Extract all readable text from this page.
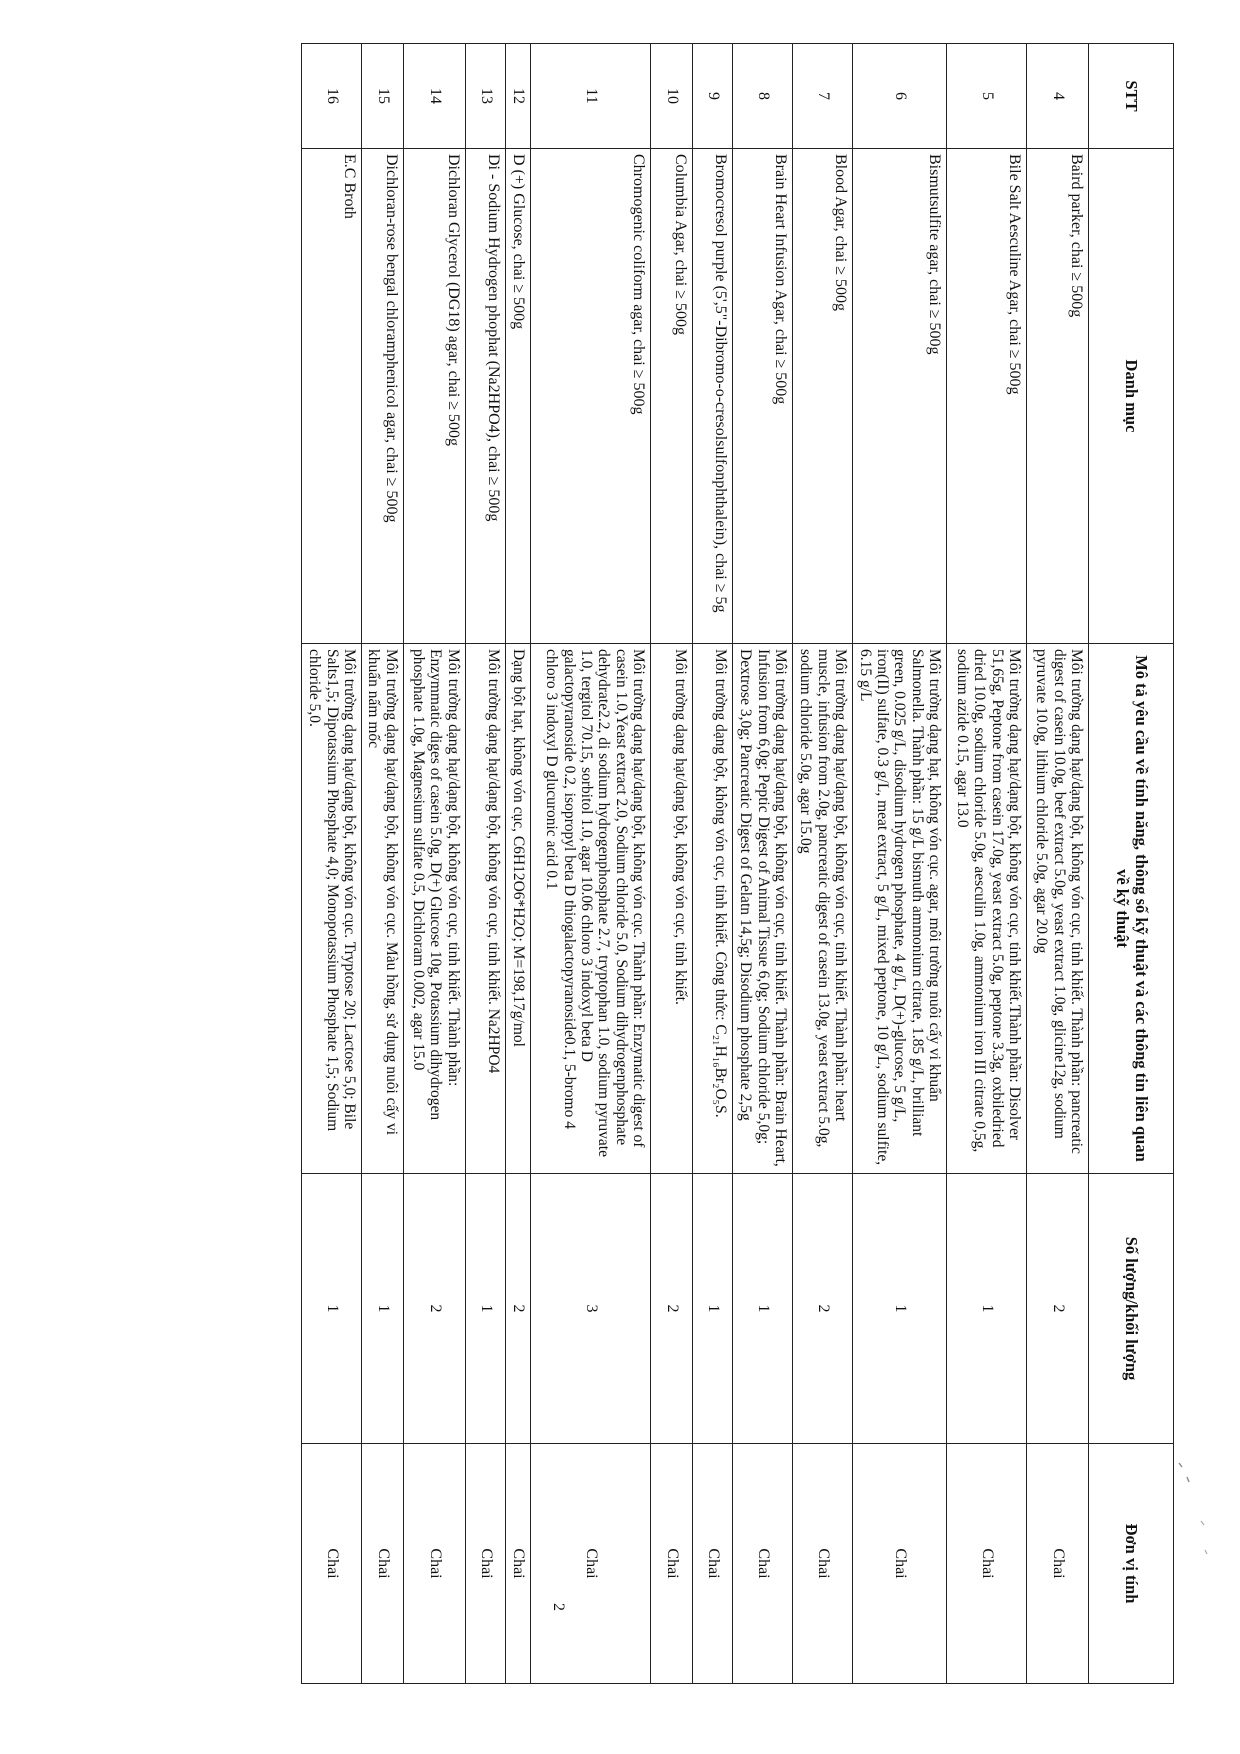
STT	Danh mục	Mô tả yêu cầu về tính năng, thông số kỹ thuật và các thông tin liên quan về kỹ thuật	Số lượng/khối lượng	Đơn vị tính
4	Baird parker, chai ≥ 500g	Môi trường dạng hạt/dạng bột, không vón cục, tinh khiết. Thành phần: pancreatic digest of casein 10.0g, beef extract 5.0g, yeast extract 1.0g, glicine12g, sodium pyruvate 10.0g, lithium chloride 5.0g, agar 20.0g	2	Chai
5	Bile Salt Aesculine Agar, chai ≥ 500g	Môi trường dạng hạt/dạng bột, không vón cục, tinh khiết.Thành phần: Disolver 51,65g, Peptone from casein 17.0g, yeast extract 5.0g, peptone 3.3g, oxbiledried dried 10.0g, sodium chloride 5.0g, aesculin 1.0g, ammonium iron III citrate 0,5g, sodium azide 0.15, agar 13.0	1	Chai
6	Bismutsulfite agar, chai ≥ 500g	Môi trường dạng hạt, không vón cục. agar, môi trường nuôi cấy vi khuẩn Salmonella. Thành phần: 15 g/L bismuth ammonium citrate, 1.85 g/L, brilliant green, 0.025 g/L, disodium hydrogen phosphate, 4 g/L, D(+)-glucose, 5 g/L, iron(II) sulfate, 0.3 g/L, meat extract, 5 g/L, mixed peptone, 10 g/L, sodium sulfite, 6.15 g/L	1	Chai
7	Blood Agar, chai ≥ 500g	Môi trường dạng hạt/dạng bột, không vón cục, tinh khiết. Thành phần: heart muscle, infusion from 2.0g, pancreatic digest of casein 13.0g, yeast extract 5.0g, sodium chloride 5.0g, agar 15.0g	2	Chai
8	Brain Heart Infusion Agar, chai ≥ 500g	Môi trường dạng hạt/dạng bột, không vón cục, tinh khiết. Thành phần: Brain Heart, Infusion from 6,0g; Peptic Digest of Animal Tissue 6,0g; Sodium chloride 5,0g; Dextrose 3,0g; Pancreatic Digest of Gelatn 14,5g; Disodium phosphate 2,5g	1	Chai
9	Bromocresol purple (5',5"-Dibromo-o-cresolsulfonphthalein), chai ≥ 5g	Môi trường dạng bột, không vón cục, tinh khiết. Công thức: C₂₁H₁₆Br₂O₅S.	1	Chai
10	Columbia Agar, chai ≥ 500g	Môi trường dạng hạt/dạng bột, không vón cục, tinh khiết.	2	Chai
11	Chromogenic coliform agar, chai ≥ 500g	Môi trường dạng hạt/dạng bột, không vón cục. Thành phần: Enzymatic digest of casein 1.0,Yeast extract 2.0, Sodium chloride 5.0, Sodium dihydrogenphosphate dehydrate2.2, di sodium hydrogenphosphate 2.7, tryptophan 1.0, sodium pyruvate 1.0, tergitol 70.15, sorbitol 1.0, agar 10.06 chloro 3 indoxyl beta D galactopyranoside 0.2, isopropyl beta D thiogalactopyranoside0.1, 5-bromo 4 chloro 3 indoxyl D glucuronic acid 0.1	3	Chai
12	D (+) Glucose, chai ≥ 500g	Dạng bột hạt, không vón cục, C6H12O6*H2O; M=198,17g/mol	2	Chai
13	Di - Sodium Hydrogen phophat (Na2HPO4), chai ≥ 500g	Môi trường dạng hạt/dạng bột, không vón cục, tinh khiết. Na2HPO4	1	Chai
14	Dichloran Glycerol (DG18) agar, chai ≥ 500g	Môi trường dạng hạt/dạng bột, không vón cục, tinh khiết. Thành phần: Enzymmatic diges of casein 5.0g, D(+) Glucose 10g, Potassium dihydrogen phosphate 1.0g, Magnesium sulfate 0.5, Dichloram 0.002, agar 15.0	2	Chai
15	Dichloran-rose bengal chloramphenicol agar, chai ≥ 500g	Môi trường dạng hạt/dạng bột, không vón cục. Màu hồng, sử dụng nuôi cấy vi khuẩn nấm mốc	1	Chai
16	E.C Broth	Môi trường dạng hạt/dạng bột, không vón cục. Tryptose 20; Lactose 5,0; Bile Salts1,5; Dipotassium Phosphate 4,0; Monopotassium Phosphate 1,5; Sodium chloride 5,0.	1	Chai
2
